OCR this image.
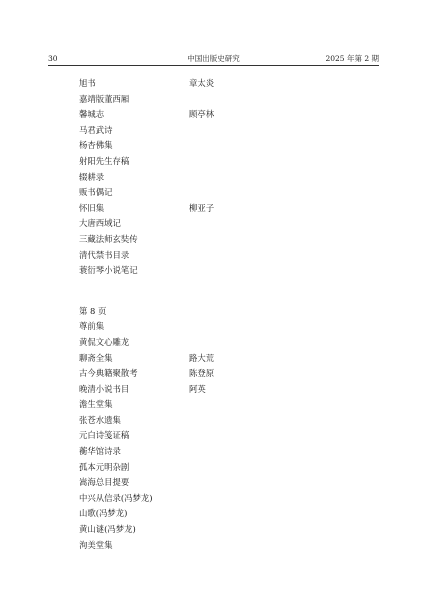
30	中国出版史研究	2025 年第 2 期
旭书	章太炎
嘉靖版董西厢
馨城志	顾亭林
马君武诗
杨杏佛集
射阳先生存稿
辍耕录
贩书偶记
怀旧集	柳亚子
大唐西域记
三藏法师玄奘传
清代禁书目录
蓑衍琴小说笔记
第 8 页
尊前集
黄侃文心雕龙
聊斋全集	路大荒
古今典籍聚散考	陈登原
晚清小说书目	阿英
澹生堂集
张苍水遗集
元白诗笺证稿
蘅华馆诗录
孤本元明杂剧
嵩海总目提要
中兴从信录(冯梦龙)
山歌(冯梦龙)
黄山谜(冯梦龙)
洵美堂集
